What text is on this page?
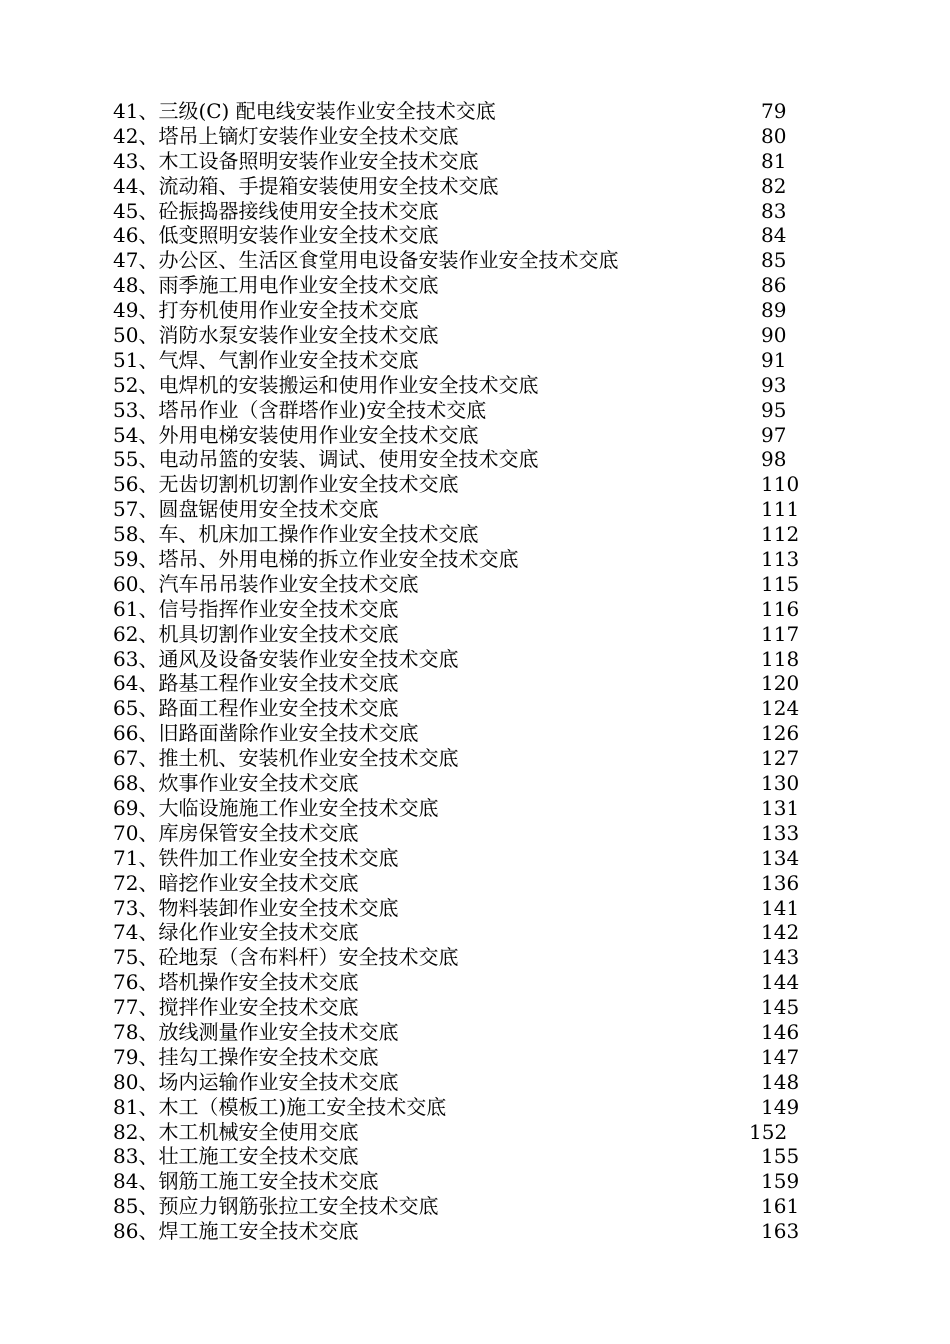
41、三级(C) 配电线安装作业安全技术交底	79
42、塔吊上镝灯安装作业安全技术交底	80
43、木工设备照明安装作业安全技术交底	81
44、流动箱、手提箱安装使用安全技术交底	82
45、砼振捣器接线使用安全技术交底	83
46、低变照明安装作业安全技术交底	84
47、办公区、生活区食堂用电设备安装作业安全技术交底	85
48、雨季施工用电作业安全技术交底	86
49、打夯机使用作业安全技术交底	89
50、消防水泵安装作业安全技术交底	90
51、气焊、气割作业安全技术交底	91
52、电焊机的安装搬运和使用作业安全技术交底	93
53、塔吊作业（含群塔作业)安全技术交底	95
54、外用电梯安装使用作业安全技术交底	97
55、电动吊篮的安装、调试、使用安全技术交底	98
56、无齿切割机切割作业安全技术交底	110
57、圆盘锯使用安全技术交底	111
58、车、机床加工操作作业安全技术交底	112
59、塔吊、外用电梯的拆立作业安全技术交底	113
60、汽车吊吊装作业安全技术交底	115
61、信号指挥作业安全技术交底	116
62、机具切割作业安全技术交底	117
63、通风及设备安装作业安全技术交底	118
64、路基工程作业安全技术交底	120
65、路面工程作业安全技术交底	124
66、旧路面凿除作业安全技术交底	126
67、推土机、安装机作业安全技术交底	127
68、炊事作业安全技术交底	130
69、大临设施施工作业安全技术交底	131
70、库房保管安全技术交底	133
71、铁件加工作业安全技术交底	134
72、暗挖作业安全技术交底	136
73、物料装卸作业安全技术交底	141
74、绿化作业安全技术交底	142
75、砼地泵（含布料杆）安全技术交底	143
76、塔机操作安全技术交底	144
77、搅拌作业安全技术交底	145
78、放线测量作业安全技术交底	146
79、挂勾工操作安全技术交底	147
80、场内运输作业安全技术交底	148
81、木工（模板工)施工安全技术交底	149
82、木工机械安全使用交底	152
83、壮工施工安全技术交底	155
84、钢筋工施工安全技术交底	159
85、预应力钢筋张拉工安全技术交底	161
86、焊工施工安全技术交底	163
